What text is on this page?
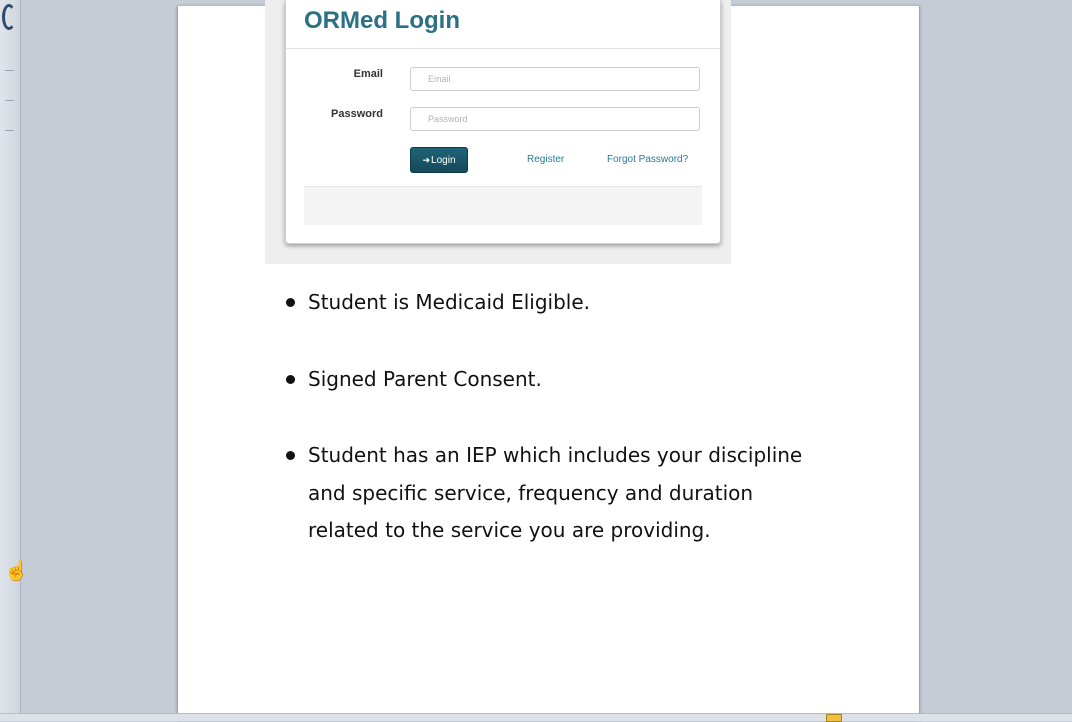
ORMed Login
Email
Email
Password
➜Login	Register	Forgot Password?
Student is Medicaid Eligible.
Signed Parent Consent.
Student has an IEP which includes your discipline and specific service, frequency and duration related to the service you are providing.
☝
